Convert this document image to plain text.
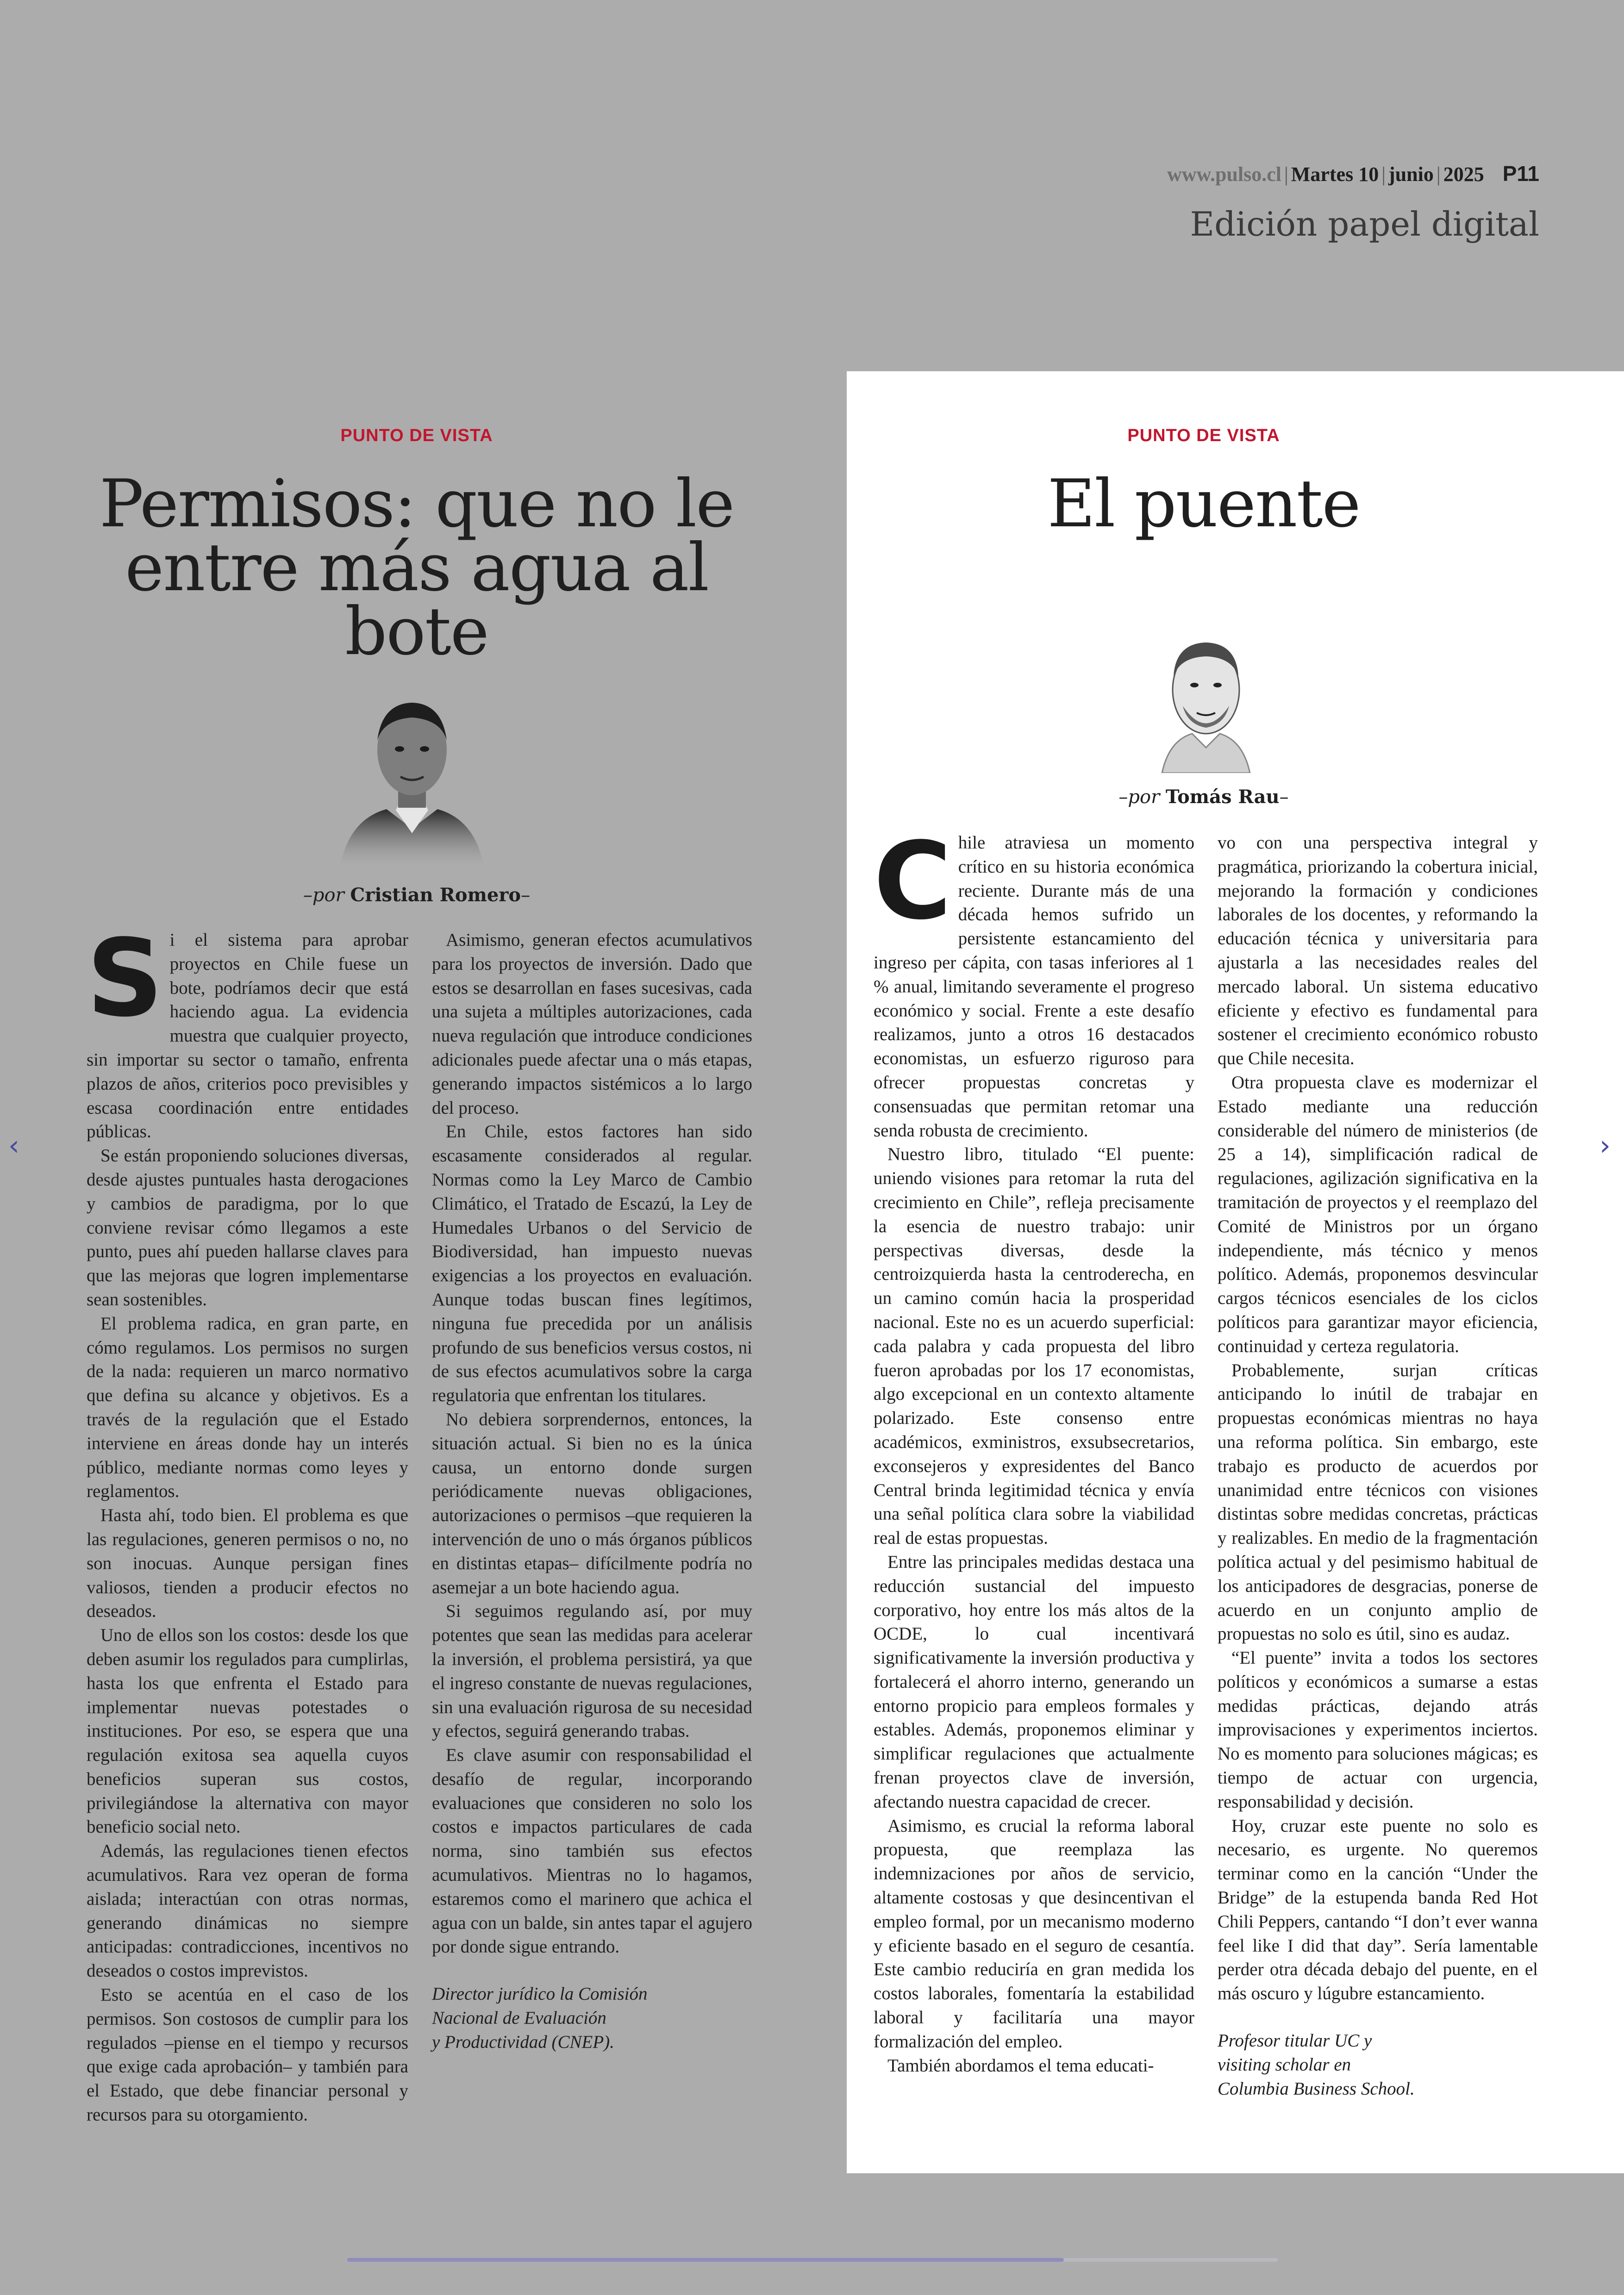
www.pulso.cl | Martes 10 | junio | 2025 P11
Edición papel digital
PUNTO DE VISTA
Permisos: que no le entre más agua al bote
–por Cristian Romero–

Si el sistema para aprobar proyectos en Chile fuese un bote, podríamos decir que está haciendo agua. La evidencia muestra que cualquier proyecto, sin importar su sector o tamaño, enfrenta plazos de años, criterios poco previsibles y escasa coordinación entre entidades públicas.

Se están proponiendo soluciones diversas, desde ajustes puntuales hasta derogaciones y cambios de paradigma, por lo que conviene revisar cómo llegamos a este punto, pues ahí pueden hallarse claves para que las mejoras que logren implementarse sean sostenibles.

El problema radica, en gran parte, en cómo regulamos. Los permisos no surgen de la nada: requieren un marco normativo que defina su alcance y objetivos. Es a través de la regulación que el Estado interviene en áreas donde hay un interés público, mediante normas como leyes y reglamentos.

Hasta ahí, todo bien. El problema es que las regulaciones, generen permisos o no, no son inocuas. Aunque persigan fines valiosos, tienden a producir efectos no deseados.

Uno de ellos son los costos: desde los que deben asumir los regulados para cumplirlas, hasta los que enfrenta el Estado para implementar nuevas potestades o instituciones. Por eso, se espera que una regulación exitosa sea aquella cuyos beneficios superan sus costos, privilegiándose la alternativa con mayor beneficio social neto.

Además, las regulaciones tienen efectos acumulativos. Rara vez operan de forma aislada; interactúan con otras normas, generando dinámicas no siempre anticipadas: contradicciones, incentivos no deseados o costos imprevistos.

Esto se acentúa en el caso de los permisos. Son costosos de cumplir para los regulados –piense en el tiempo y recursos que exige cada aprobación– y también para el Estado, que debe financiar personal y recursos para su otorgamiento.

Asimismo, generan efectos acumulativos para los proyectos de inversión. Dado que estos se desarrollan en fases sucesivas, cada una sujeta a múltiples autorizaciones, cada nueva regulación que introduce condiciones adicionales puede afectar una o más etapas, generando impactos sistémicos a lo largo del proceso.

En Chile, estos factores han sido escasamente considerados al regular. Normas como la Ley Marco de Cambio Climático, el Tratado de Escazú, la Ley de Humedales Urbanos o del Servicio de Biodiversidad, han impuesto nuevas exigencias a los proyectos en evaluación. Aunque todas buscan fines legítimos, ninguna fue precedida por un análisis profundo de sus beneficios versus costos, ni de sus efectos acumulativos sobre la carga regulatoria que enfrentan los titulares.

No debiera sorprendernos, entonces, la situación actual. Si bien no es la única causa, un entorno donde surgen periódicamente nuevas obligaciones, autorizaciones o permisos –que requieren la intervención de uno o más órganos públicos en distintas etapas– difícilmente podría no asemejar a un bote haciendo agua.

Si seguimos regulando así, por muy potentes que sean las medidas para acelerar la inversión, el problema persistirá, ya que el ingreso constante de nuevas regulaciones, sin una evaluación rigurosa de su necesidad y efectos, seguirá generando trabas.

Es clave asumir con responsabilidad el desafío de regular, incorporando evaluaciones que consideren no solo los costos e impactos particulares de cada norma, sino también sus efectos acumulativos. Mientras no lo hagamos, estaremos como el marinero que achica el agua con un balde, sin antes tapar el agujero por donde sigue entrando.

Director jurídico la Comisión
Nacional de Evaluación
y Productividad (CNEP).

PUNTO DE VISTA
El puente
–por Tomás Rau–

Chile atraviesa un momento crítico en su historia económica reciente. Durante más de una década hemos sufrido un persistente estancamiento del ingreso per cápita, con tasas inferiores al 1 % anual, limitando severamente el progreso económico y social. Frente a este desafío realizamos, junto a otros 16 destacados economistas, un esfuerzo riguroso para ofrecer propuestas concretas y consensuadas que permitan retomar una senda robusta de crecimiento.

Nuestro libro, titulado “El puente: uniendo visiones para retomar la ruta del crecimiento en Chile”, refleja precisamente la esencia de nuestro trabajo: unir perspectivas diversas, desde la centroizquierda hasta la centroderecha, en un camino común hacia la prosperidad nacional. Este no es un acuerdo superficial: cada palabra y cada propuesta del libro fueron aprobadas por los 17 economistas, algo excepcional en un contexto altamente polarizado. Este consenso entre académicos, exministros, exsubsecretarios, exconsejeros y expresidentes del Banco Central brinda legitimidad técnica y envía una señal política clara sobre la viabilidad real de estas propuestas.

Entre las principales medidas destaca una reducción sustancial del impuesto corporativo, hoy entre los más altos de la OCDE, lo cual incentivará significativamente la inversión productiva y fortalecerá el ahorro interno, generando un entorno propicio para empleos formales y estables. Además, proponemos eliminar y simplificar regulaciones que actualmente frenan proyectos clave de inversión, afectando nuestra capacidad de crecer.

Asimismo, es crucial la reforma laboral propuesta, que reemplaza las indemnizaciones por años de servicio, altamente costosas y que desincentivan el empleo formal, por un mecanismo moderno y eficiente basado en el seguro de cesantía. Este cambio reduciría en gran medida los costos laborales, fomentaría la estabilidad laboral y facilitaría una mayor formalización del empleo.

También abordamos el tema educati-

vo con una perspectiva integral y pragmática, priorizando la cobertura inicial, mejorando la formación y condiciones laborales de los docentes, y reformando la educación técnica y universitaria para ajustarla a las necesidades reales del mercado laboral. Un sistema educativo eficiente y efectivo es fundamental para sostener el crecimiento económico robusto que Chile necesita.

Otra propuesta clave es modernizar el Estado mediante una reducción considerable del número de ministerios (de 25 a 14), simplificación radical de regulaciones, agilización significativa en la tramitación de proyectos y el reemplazo del Comité de Ministros por un órgano independiente, más técnico y menos político. Además, proponemos desvincular cargos técnicos esenciales de los ciclos políticos para garantizar mayor eficiencia, continuidad y certeza regulatoria.

Probablemente, surjan críticas anticipando lo inútil de trabajar en propuestas económicas mientras no haya una reforma política. Sin embargo, este trabajo es producto de acuerdos por unanimidad entre técnicos con visiones distintas sobre medidas concretas, prácticas y realizables. En medio de la fragmentación política actual y del pesimismo habitual de los anticipadores de desgracias, ponerse de acuerdo en un conjunto amplio de propuestas no solo es útil, sino es audaz.

“El puente” invita a todos los sectores políticos y económicos a sumarse a estas medidas prácticas, dejando atrás improvisaciones y experimentos inciertos. No es momento para soluciones mágicas; es tiempo de actuar con urgencia, responsabilidad y decisión.

Hoy, cruzar este puente no solo es necesario, es urgente. No queremos terminar como en la canción “Under the Bridge” de la estupenda banda Red Hot Chili Peppers, cantando “I don’t ever wanna feel like I did that day”. Sería lamentable perder otra década debajo del puente, en el más oscuro y lúgubre estancamiento.

Profesor titular UC y
visiting scholar en
Columbia Business School.

‹	›
